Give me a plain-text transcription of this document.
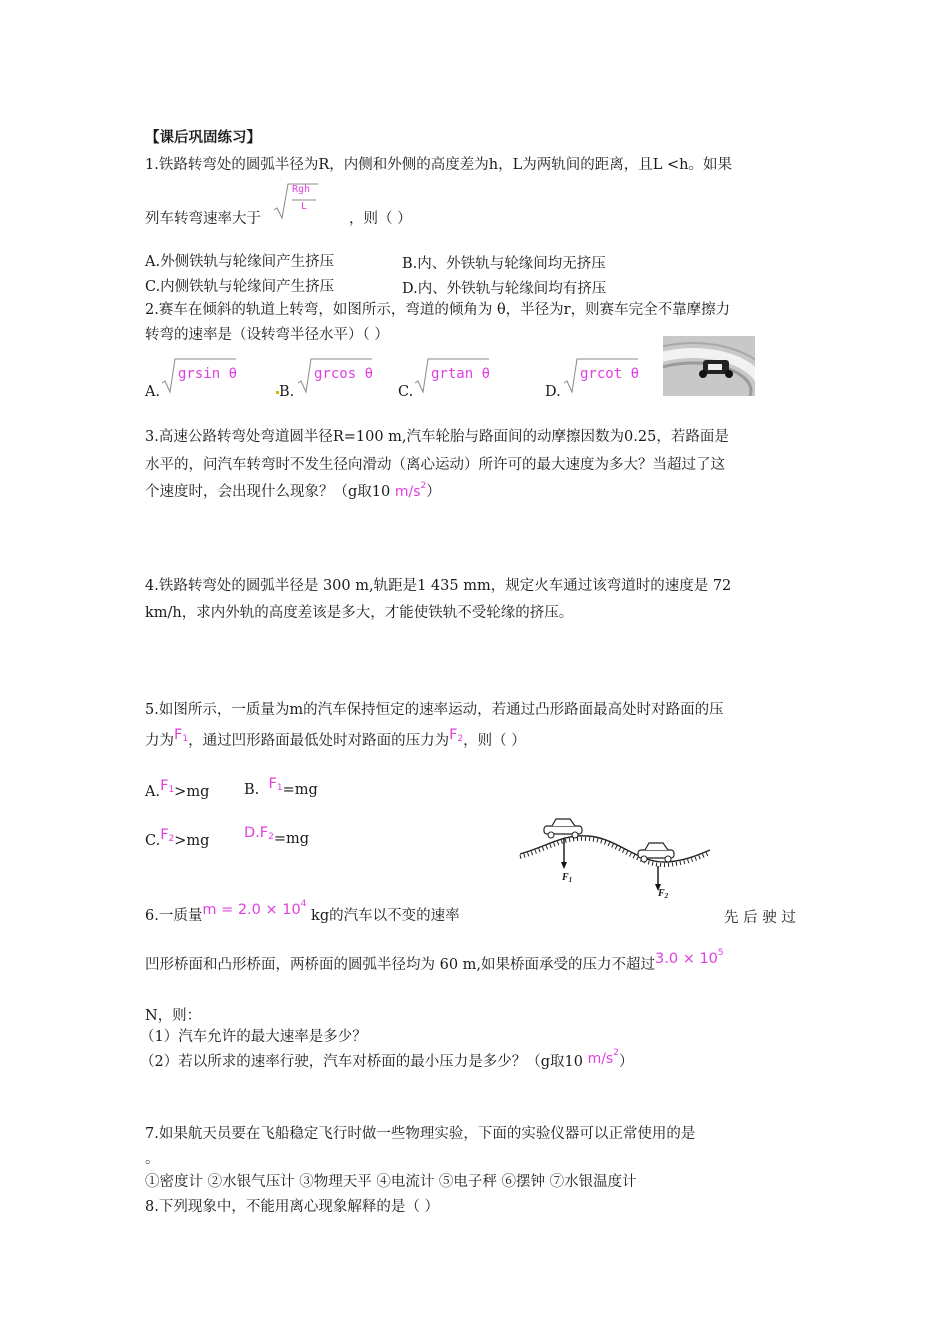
【课后巩固练习】
1.铁路转弯处的圆弧半径为R，内侧和外侧的高度差为h，L为两轨间的距离，且L <h。如果
列车转弯速率大于	，则（ ）
Rgh
L
A.外侧铁轨与轮缘间产生挤压	B.内、外铁轨与轮缘间均无挤压
C.内侧铁轨与轮缘间产生挤压	D.内、外铁轨与轮缘间均有挤压
2.赛车在倾斜的轨道上转弯，如图所示，弯道的倾角为 θ，半径为r，则赛车完全不靠摩擦力
转弯的速率是（设转弯半径水平）（ ）
A.
grsin θ
B.
grcos θ
C.
grtan θ
D.
grcot θ
3.高速公路转弯处弯道圆半径R=100 m,汽车轮胎与路面间的动摩擦因数为0.25，若路面是
水平的，问汽车转弯时不发生径向滑动（离心运动）所许可的最大速度为多大？当超过了这
个速度时，会出现什么现象？（g取10 $m/s^2$）
4.铁路转弯处的圆弧半径是 300 m,轨距是1 435 mm，规定火车通过该弯道时的速度是 72
km/h，求内外轨的高度差该是多大，才能使铁轨不受轮缘的挤压。
5.如图所示，一质量为m的汽车保持恒定的速率运动，若通过凸形路面最高处时对路面的压
力为F1，通过凹形路面最低处时对路面的压力为F2，则（ ）
A.F1>mg B. F1=mg
C.F2>mg D.F2=mg
$F_1$
$F_2$
6.一质量$m = 2.0 \times 10^4$ kg的汽车以不变的速率	先 后 驶 过
凹形桥面和凸形桥面，两桥面的圆弧半径均为 60 m,如果桥面承受的压力不超过$3.0 \times 10^5$
N，则：
（1）汽车允许的最大速率是多少？
（2）若以所求的速率行驶，汽车对桥面的最小压力是多少？（g取10 $m/s^2$）
7.如果航天员要在飞船稳定飞行时做一些物理实验，下面的实验仪器可以正常使用的是
。
①密度计 ②水银气压计 ③物理天平 ④电流计 ⑤电子秤 ⑥摆钟 ⑦水银温度计
8.下列现象中，不能用离心现象解释的是（ ）
